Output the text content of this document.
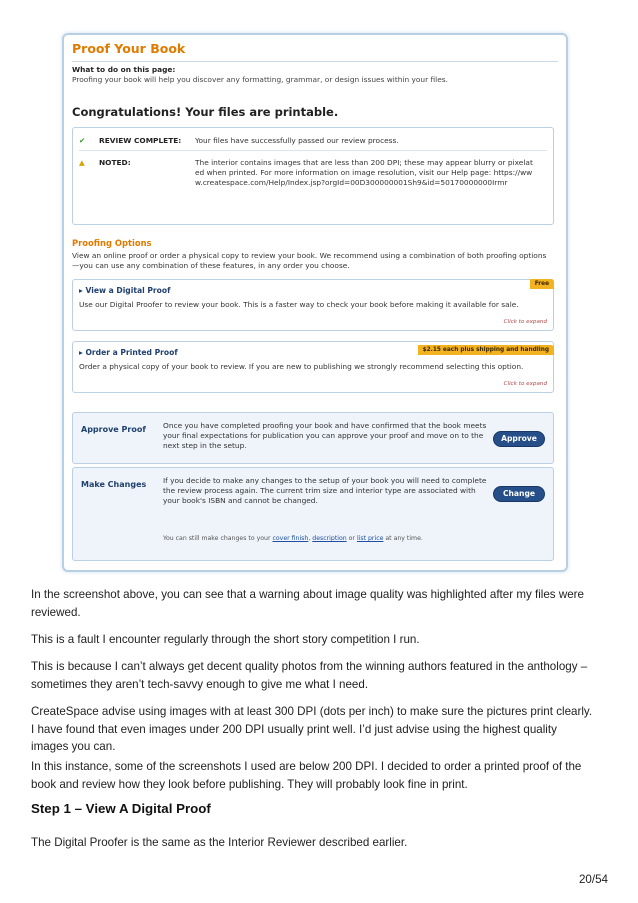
Proof Your Book
What to do on this page:
Proofing your book will help you discover any formatting, grammar, or design issues within your files.
Congratulations! Your files are printable.
✔	REVIEW COMPLETE: Your files have successfully passed our review process.
▲	NOTED:	The interior contains images that are less than 200 DPI; these may appear blurry or pixelated when printed. For more information on image resolution, visit our Help page: https://www.createspace.com/Help/Index.jsp?orgId=00D300000001Sh9&id=50170000000Irmr
Proofing Options
View an online proof or order a physical copy to review your book. We recommend using a combination of both proofing options—you can use any combination of these features, in any order you choose.
▸ View a Digital Proof
Free
Use our Digital Proofer to review your book. This is a faster way to check your book before making it available for sale.
Click to expand
▸ Order a Printed Proof	$2.15 each plus shipping and handling
Order a physical copy of your book to review. If you are new to publishing we strongly recommend selecting this option.
Click to expand
Approve Proof Once you have completed proofing your book and have confirmed that the book meets your final expectations for publication you can approve your proof and move on to the next step in the setup.
Approve
Make Changes If you decide to make any changes to the setup of your book you will need to complete the review process again. The current trim size and interior type are associated with your book's ISBN and cannot be changed.
Change
You can still make changes to your cover finish, description or list price at any time.

In the screenshot above, you can see that a warning about image quality was highlighted after my files were reviewed.

This is a fault I encounter regularly through the short story competition I run.

This is because I can’t always get decent quality photos from the winning authors featured in the anthology – sometimes they aren’t tech-savvy enough to give me what I need.

CreateSpace advise using images with at least 300 DPI (dots per inch) to make sure the pictures print clearly. I have found that even images under 200 DPI usually print well. I’d just advise using the highest quality images you can.

In this instance, some of the screenshots I used are below 200 DPI. I decided to order a printed proof of the book and review how they look before publishing. They will probably look fine in print.

Step 1 – View A Digital Proof

The Digital Proofer is the same as the Interior Reviewer described earlier.

20/54
